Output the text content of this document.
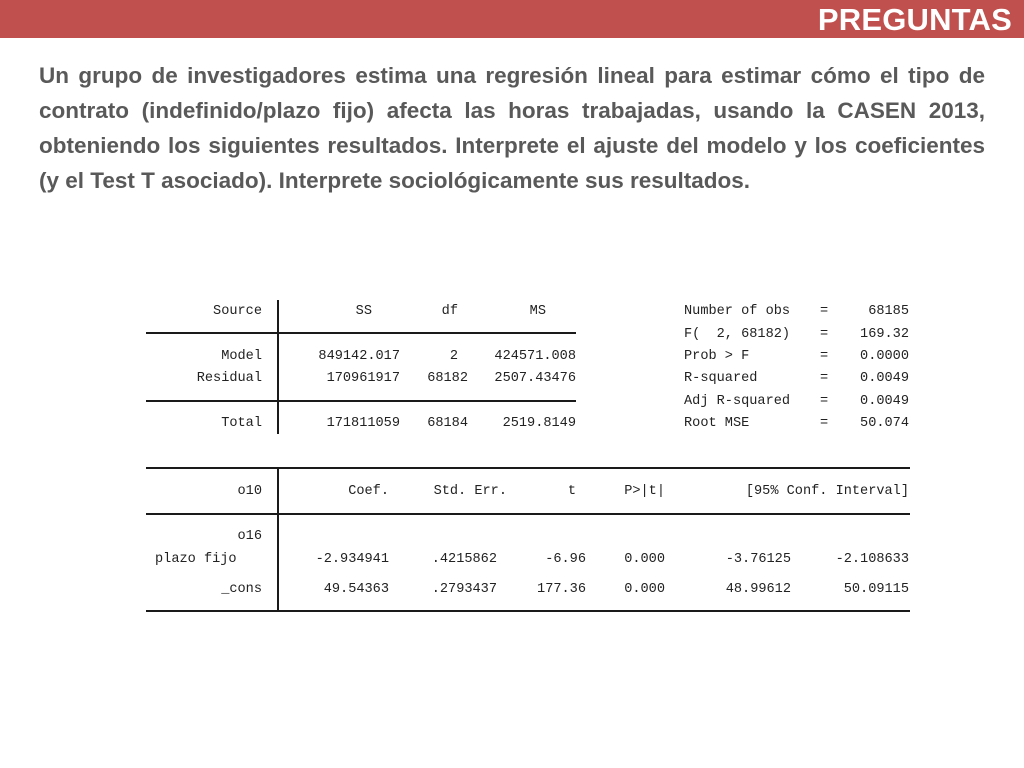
PREGUNTAS

Un grupo de investigadores estima una regresión lineal para estimar cómo el tipo de contrato (indefinido/plazo fijo) afecta las horas trabajadas, usando la CASEN 2013, obteniendo los siguientes resultados. Interprete el ajuste del modelo y los coeficientes (y el Test T asociado). Interprete sociológicamente sus resultados.

Source	SS	df	MS
Model	849142.017	2	424571.008
Residual	170961917	68182	2507.43476
Total	171811059	68184	2519.8149
Number of obs =	68185
F(  2, 68182) =	169.32
Prob > F	=	0.0000
R-squared	=	0.0049
Adj R-squared =	0.0049
Root MSE	=	50.074
o10	Coef.	Std. Err.	t	P>|t|	[95% Conf. Interval]
o16
plazo fijo	-2.934941	.4215862	-6.96	0.000	-3.76125	-2.108633
_cons	49.54363	.2793437	177.36	0.000	48.99612	50.09115
